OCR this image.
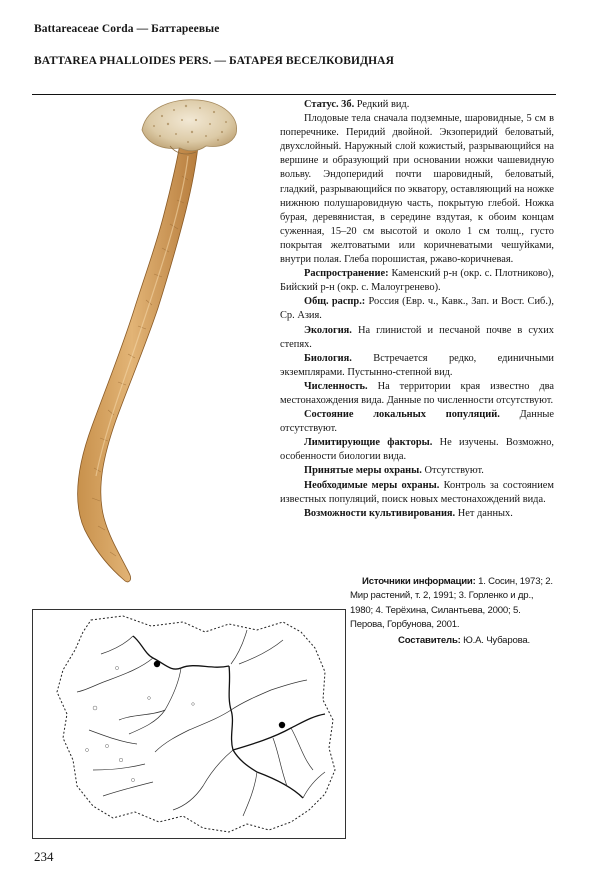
Battareaceae Corda — Баттареевые
BATTAREA PHALLOIDES PERS. — БАТАРЕЯ ВЕСЕЛКОВИДНАЯ

Статус. 3б. Редкий вид.

Плодовые тела сначала подземные, шаровидные, 5 см в поперечнике. Перидий двойной. Экзоперидий беловатый, двухслойный. Наружный слой кожистый, разрывающийся на вершине и образующий при основании ножки чашевидную вольву. Эндоперидий почти шаровидный, беловатый, гладкий, разрывающийся по экватору, оставляющий на ножке нижнюю полушаровидную часть, покрытую глебой. Ножка бурая, деревянистая, в середине вздутая, к обоим концам суженная, 15–20 см высотой и около 1 см толщ., густо покрытая желтоватыми или коричневатыми чешуйками, внутри полая. Глеба порошистая, ржаво-коричневая.

Распространение: Каменский р-н (окр. с. Плотниково), Бийский р-н (окр. с. Малоугренево).

Общ. распр.: Россия (Евр. ч., Кавк., Зап. и Вост. Сиб.), Ср. Азия.

Экология. На глинистой и песчаной почве в сухих степях.

Биология. Встречается редко, единичными экземплярами. Пустынно-степной вид.

Численность. На территории края известно два местонахождения вида. Данные по численности отсутствуют.

Состояние локальных популяций. Данные отсутствуют.

Лимитирующие факторы. Не изучены. Возможно, особенности биологии вида.

Принятые меры охраны. Отсутствуют.

Необходимые меры охраны. Контроль за состоянием известных популяций, поиск новых местонахождений вида.

Возможности культивирования. Нет данных.

Источники информации: 1. Сосин, 1973; 2. Мир растений, т. 2, 1991; 3. Горленко и др., 1980; 4. Терёхина, Силантьева, 2000; 5. Перова, Горбунова, 2001.

Составитель: Ю.А. Чубарова.

234
